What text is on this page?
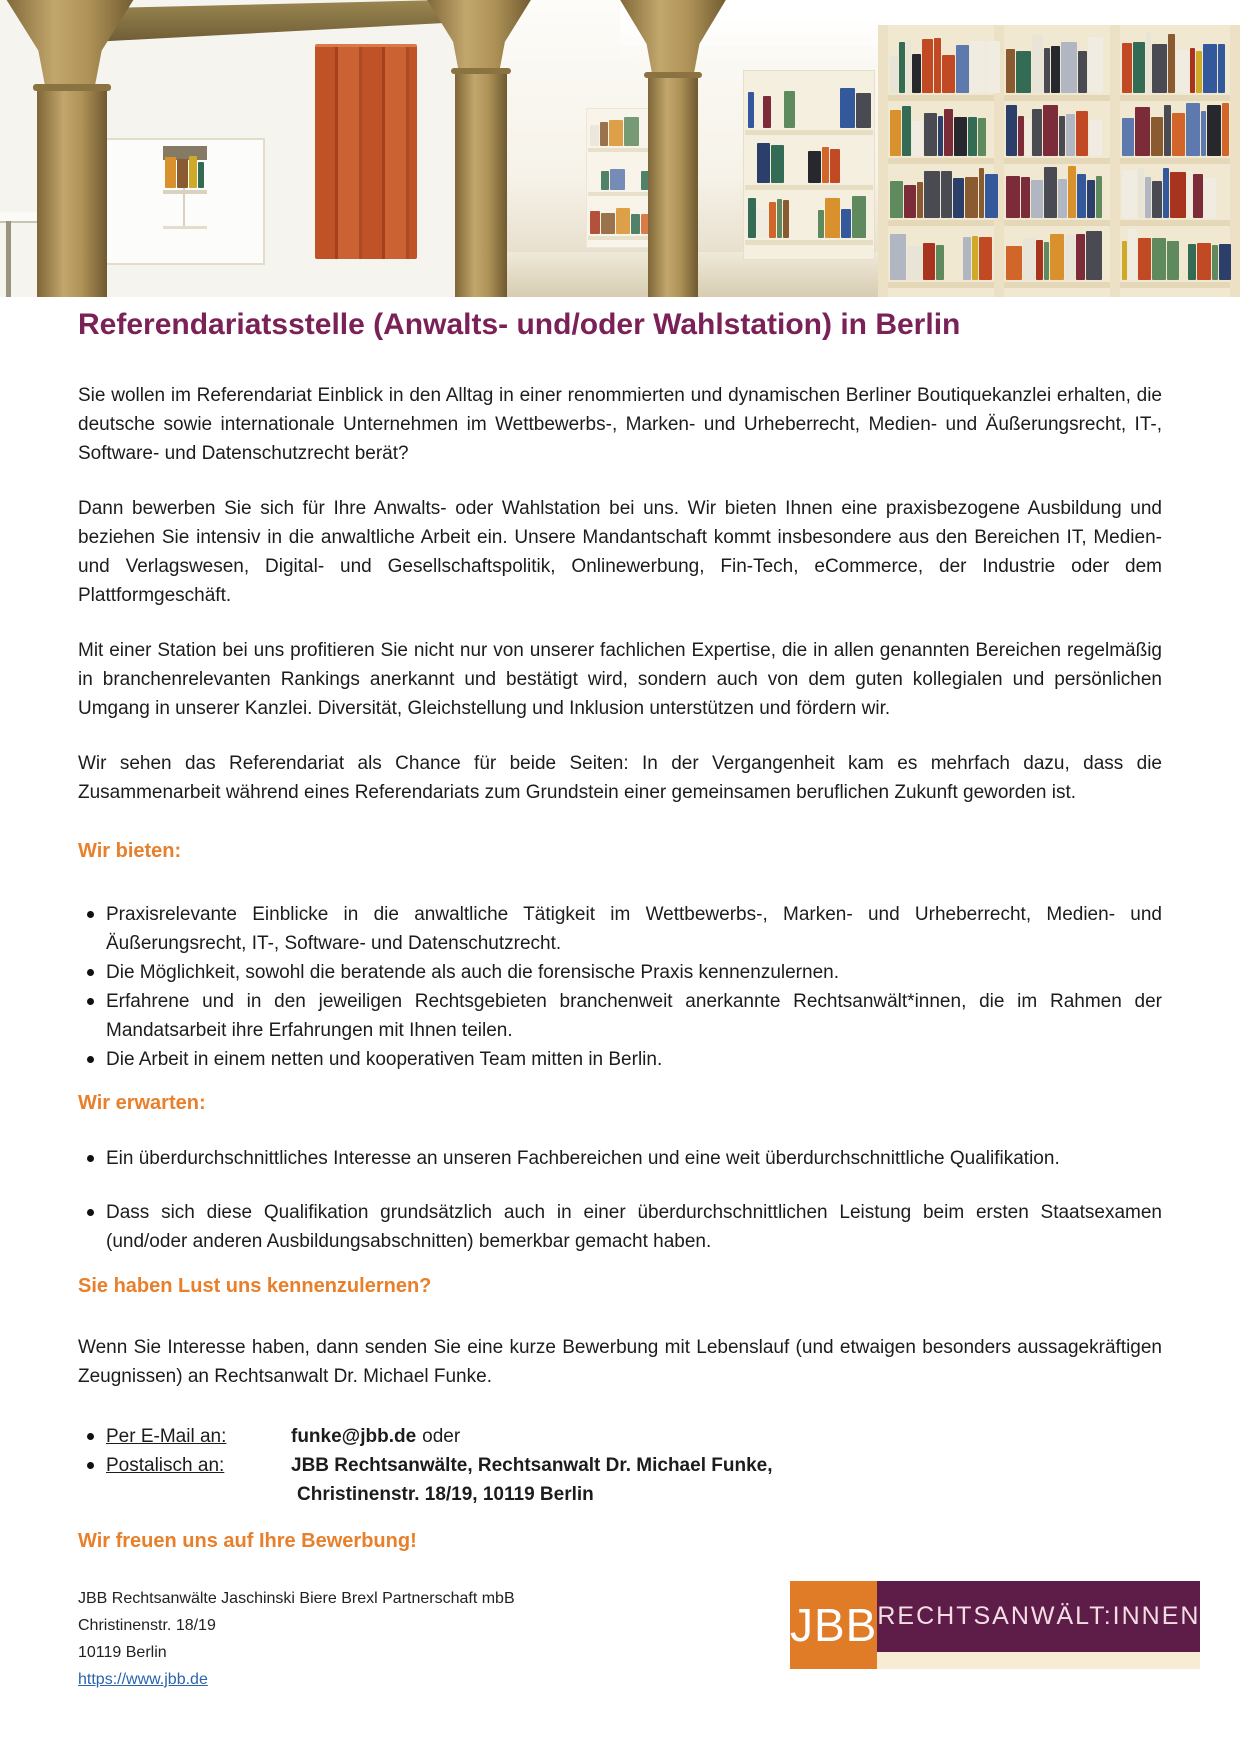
Referendariatsstelle (Anwalts- und/oder Wahlstation) in Berlin

Sie wollen im Referendariat Einblick in den Alltag in einer renommierten und dynamischen Berliner Boutiquekanzlei erhalten, die deutsche sowie internationale Unternehmen im Wettbewerbs-, Marken- und Urheberrecht, Medien- und Äußerungsrecht, IT-, Software- und Datenschutzrecht berät?

Dann bewerben Sie sich für Ihre Anwalts- oder Wahlstation bei uns. Wir bieten Ihnen eine praxisbezogene Ausbildung und beziehen Sie intensiv in die anwaltliche Arbeit ein. Unsere Mandantschaft kommt insbesondere aus den Bereichen IT, Medien- und Verlagswesen, Digital- und Gesellschaftspolitik, Onlinewerbung, Fin-Tech, eCommerce, der Industrie oder dem Plattformgeschäft.

Mit einer Station bei uns profitieren Sie nicht nur von unserer fachlichen Expertise, die in allen genannten Bereichen regelmäßig in branchenrelevanten Rankings anerkannt und bestätigt wird, sondern auch von dem guten kollegialen und persönlichen Umgang in unserer Kanzlei. Diversität, Gleichstellung und Inklusion unterstützen und fördern wir.

Wir sehen das Referendariat als Chance für beide Seiten: In der Vergangenheit kam es mehrfach dazu, dass die Zusammenarbeit während eines Referendariats zum Grundstein einer gemeinsamen beruflichen Zukunft geworden ist.

Wir bieten:
Praxisrelevante Einblicke in die anwaltliche Tätigkeit im Wettbewerbs-, Marken- und Urheberrecht, Medien- und Äußerungsrecht, IT-, Software- und Datenschutzrecht.
Die Möglichkeit, sowohl die beratende als auch die forensische Praxis kennenzulernen.
Erfahrene und in den jeweiligen Rechtsgebieten branchenweit anerkannte Rechtsanwält*innen, die im Rahmen der Mandatsarbeit ihre Erfahrungen mit Ihnen teilen.
Die Arbeit in einem netten und kooperativen Team mitten in Berlin.
Wir erwarten:
Ein überdurchschnittliches Interesse an unseren Fachbereichen und eine weit überdurchschnittliche Qualifikation.
Dass sich diese Qualifikation grundsätzlich auch in einer überdurchschnittlichen Leistung beim ersten Staatsexamen (und/oder anderen Ausbildungsabschnitten) bemerkbar gemacht haben.
Sie haben Lust uns kennenzulernen?

Wenn Sie Interesse haben, dann senden Sie eine kurze Bewerbung mit Lebenslauf (und etwaigen besonders aussagekräftigen Zeugnissen) an Rechtsanwalt Dr. Michael Funke.

Per E-Mail an:	funke@jbb.de oder
Postalisch an:	JBB Rechtsanwälte, Rechtsanwalt Dr. Michael Funke,
Christinenstr. 18/19, 10119 Berlin
Wir freuen uns auf Ihre Bewerbung!
JBB Rechtsanwälte Jaschinski Biere Brexl Partnerschaft mbB
Christinenstr. 18/19
10119 Berlin
https://www.jbb.de
JBB RECHTSANWÄLT:INNEN
